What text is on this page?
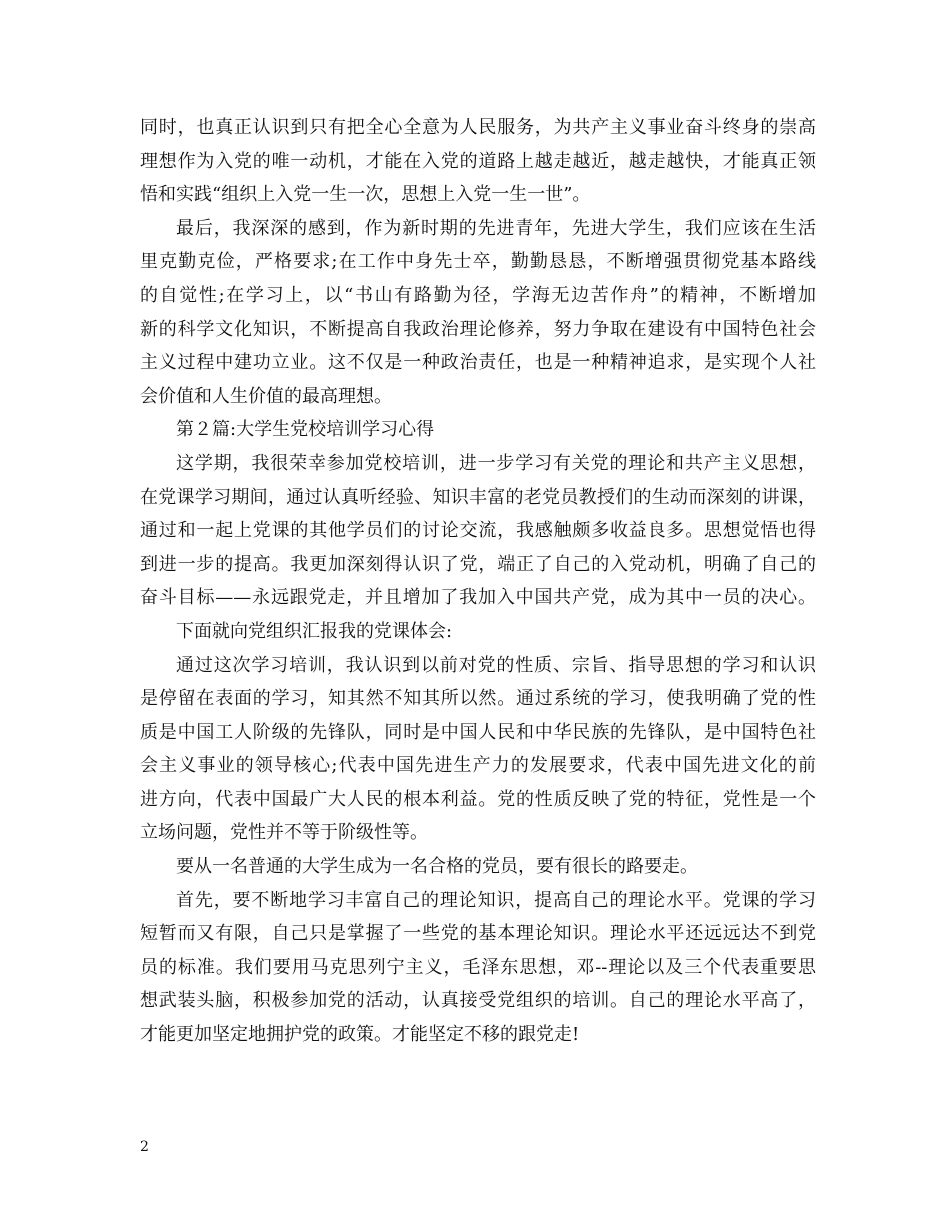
同时，也真正认识到只有把全心全意为人民服务，为共产主义事业奋斗终身的崇高
理想作为入党的唯一动机，才能在入党的道路上越走越近，越走越快，才能真正领
悟和实践“组织上入党一生一次，思想上入党一生一世”。
最后，我深深的感到，作为新时期的先进青年，先进大学生，我们应该在生活
里克勤克俭，严格要求;在工作中身先士卒，勤勤恳恳，不断增强贯彻党基本路线
的自觉性;在学习上，以“书山有路勤为径，学海无边苦作舟”的精神，不断增加
新的科学文化知识，不断提高自我政治理论修养，努力争取在建设有中国特色社会
主义过程中建功立业。这不仅是一种政治责任，也是一种精神追求，是实现个人社
会价值和人生价值的最高理想。
第２篇:大学生党校培训学习心得
这学期，我很荣幸参加党校培训，进一步学习有关党的理论和共产主义思想，
在党课学习期间，通过认真听经验、知识丰富的老党员教授们的生动而深刻的讲课，
通过和一起上党课的其他学员们的讨论交流，我感触颇多收益良多。思想觉悟也得
到进一步的提高。我更加深刻得认识了党，端正了自己的入党动机，明确了自己的
奋斗目标——永远跟党走，并且增加了我加入中国共产党，成为其中一员的决心。
下面就向党组织汇报我的党课体会:
通过这次学习培训，我认识到以前对党的性质、宗旨、指导思想的学习和认识
是停留在表面的学习，知其然不知其所以然。通过系统的学习，使我明确了党的性
质是中国工人阶级的先锋队，同时是中国人民和中华民族的先锋队，是中国特色社
会主义事业的领导核心;代表中国先进生产力的发展要求，代表中国先进文化的前
进方向，代表中国最广大人民的根本利益。党的性质反映了党的特征，党性是一个
立场问题，党性并不等于阶级性等。
要从一名普通的大学生成为一名合格的党员，要有很长的路要走。
首先，要不断地学习丰富自己的理论知识，提高自己的理论水平。党课的学习
短暂而又有限，自己只是掌握了一些党的基本理论知识。理论水平还远远达不到党
员的标准。我们要用马克思列宁主义，毛泽东思想，邓--理论以及三个代表重要思
想武装头脑，积极参加党的活动，认真接受党组织的培训。自己的理论水平高了，
才能更加坚定地拥护党的政策。才能坚定不移的跟党走!
2
